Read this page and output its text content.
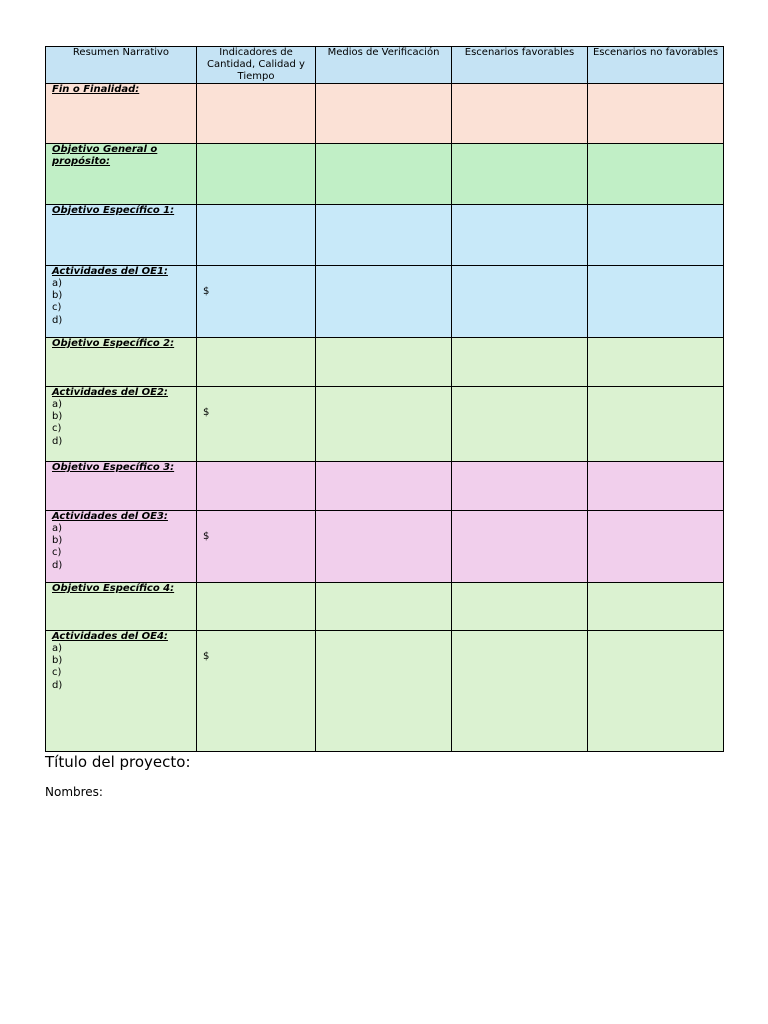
Resumen Narrativo	Indicadores de Cantidad, Calidad y Tiempo	Medios de Verificación	Escenarios favorables	Escenarios no favorables

Fin o Finalidad:				

Objetivo General o propósito:				

Objetivo Específico 1:				

Actividades del OE1:
a)
b)
c)
d)	$			

Objetivo Específico 2:				

Actividades del OE2:
a)
b)
c)
d)	$			

Objetivo Específico 3:				

Actividades del OE3:
a)
b)
c)
d)	$			

Objetivo Específico 4:				

Actividades del OE4:
a)
b)
c)
d)	$			

Título del proyecto:
Nombres:
